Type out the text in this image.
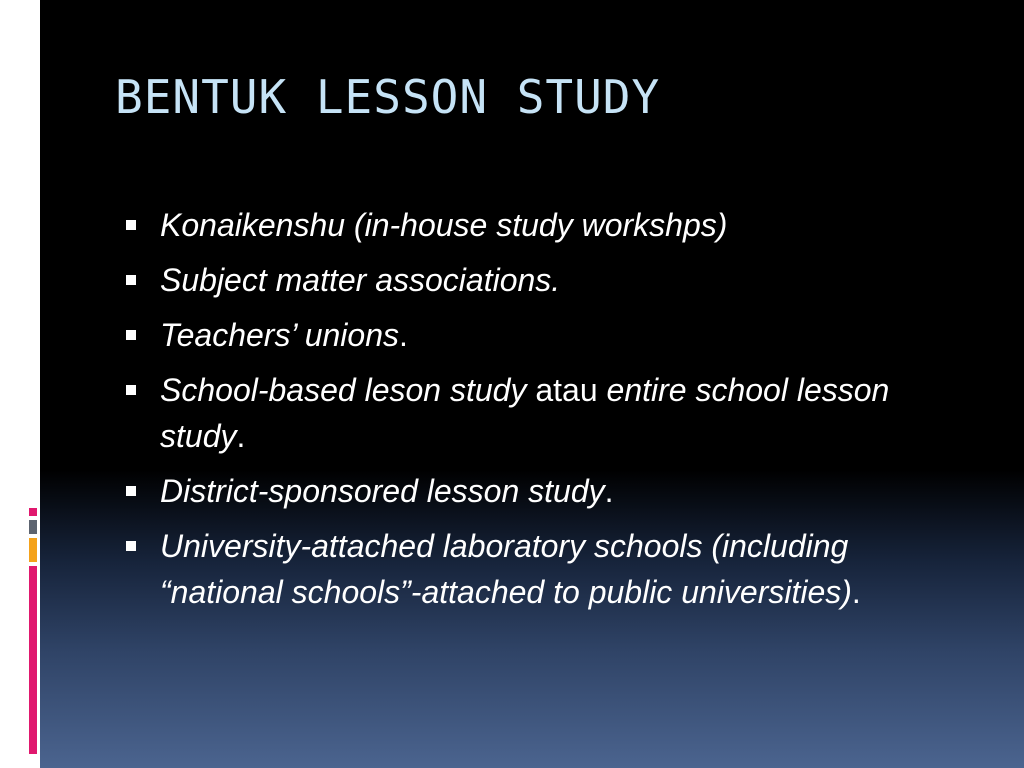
BENTUK LESSON STUDY
Konaikenshu (in-house study workshps)
Subject matter associations.
Teachers’ unions.
School-based leson study atau entire school lesson study.
District-sponsored lesson study.
University-attached laboratory schools (including “national schools”-attached to public universities).
